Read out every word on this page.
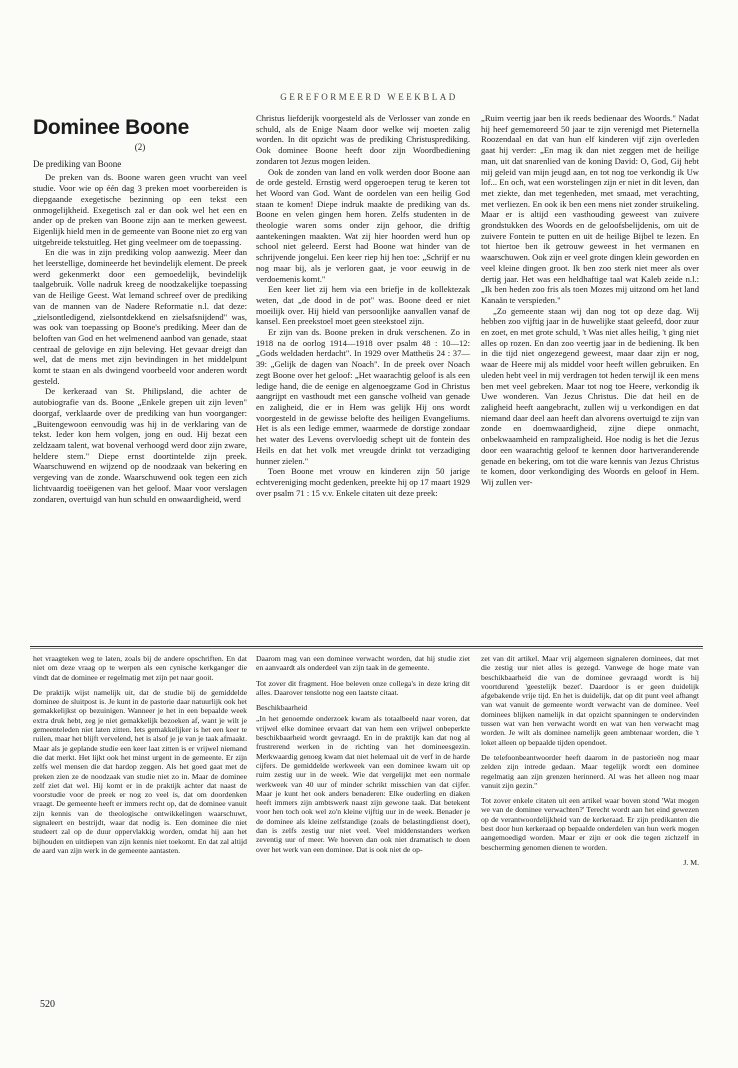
GEREFORMEERD WEEKBLAD
Dominee Boone
(2)
De prediking van Boone

De preken van ds. Boone waren geen vrucht van veel studie. Voor wie op één dag 3 preken moet voorbereiden is diepgaande exegetische bezinning op een tekst een onmogelijkheid. Exegetisch zal er dan ook wel het een en ander op de preken van Boone zijn aan te merken geweest. Eigenlijk hield men in de gemeente van Boone niet zo erg van uitgebreide tekstuitleg. Het ging veelmeer om de toepassing.

En die was in zijn prediking volop aanwezig. Meer dan het leerstellige, domineerde het bevindelijk element. De preek werd gekenmerkt door een gemoedelijk, bevindelijk taalgebruik. Volle nadruk kreeg de noodzakelijke toepassing van de Heilige Geest. Wat lemand schreef over de prediking van de mannen van de Nadere Reformatie n.l. dat deze: „zielsontledigend, zielsontdekkend en zielsafsnijdend" was, was ook van toepassing op Boone's prediking. Meer dan de beloften van God en het welmenend aanbod van genade, staat centraal de gelovige en zijn beleving. Het gevaar dreigt dan wel, dat de mens met zijn bevindingen in het middelpunt komt te staan en als dwingend voorbeeld voor anderen wordt gesteld.

De kerkeraad van St. Philipsland, die achter de autobiografie van ds. Boone „Enkele grepen uit zijn leven" doorgaf, verklaarde over de prediking van hun voorganger: „Buitengewoon eenvoudig was hij in de verklaring van de tekst. Ieder kon hem volgen, jong en oud. Hij bezat een zeldzaam talent, wat bovenal verhoogd werd door zijn zware, heldere stem." Diepe ernst doortintelde zijn preek. Waarschuwend en wijzend op de noodzaak van bekering en vergeving van de zonde. Waarschuwend ook tegen een zich lichtvaardig toeëigenen van het geloof. Maar voor verslagen zondaren, overtuigd van hun schuld en onwaardigheid, werd

Christus liefderijk voorgesteld als de Verlosser van zonde en schuld, als de Enige Naam door welke wij moeten zalig worden. In dit opzicht was de prediking Christusprediking. Ook dominee Boone heeft door zijn Woordbediening zondaren tot Jezus mogen leiden.

Ook de zonden van land en volk werden door Boone aan de orde gesteld. Ernstig werd opgeroepen terug te keren tot het Woord van God. Want de oordelen van een heilig God staan te komen! Diepe indruk maakte de prediking van ds. Boone en velen gingen hem horen. Zelfs studenten in de theologie waren soms onder zijn gehoor, die driftig aantekeningen maakten. Wat zij hier hoorden werd hun op school niet geleerd. Eerst had Boone wat hinder van de schrijvende jongelui. Een keer riep hij hen toe: „Schrijf er nu nog maar bij, als je verloren gaat, je voor eeuwig in de verdoemenis komt."

Een keer liet zij hem via een briefje in de kollektezak weten, dat „de dood in de pot" was. Boone deed er niet moeilijk over. Hij hield van persoonlijke aanvallen vanaf de kansel. Een preekstoel moet geen steekstoel zijn.

Er zijn van ds. Boone preken in druk verschenen. Zo in 1918 na de oorlog 1914—1918 over psalm 48 : 10—12: „Gods weldaden herdacht". In 1929 over Mattheüs 24 : 37—39: „Gelijk de dagen van Noach". In de preek over Noach zegt Boone over het geloof: „Het waarachtig geloof is als een ledige hand, die de eenige en algenoegzame God in Christus aangrijpt en vasthoudt met een gansche volheid van genade en zaligheid, die er in Hem was gelijk Hij ons wordt voorgesteld in de gewisse belofte des heiligen Evangeliums. Het is als een ledige emmer, waarmede de dorstige zondaar het water des Levens overvloedig schept uit de fontein des Heils en dat het volk met vreugde drinkt tot verzadiging hunner zielen."

Toen Boone met vrouw en kinderen zijn 50 jarige echtvereniging mocht gedenken, preekte hij op 17 maart 1929 over psalm 71 : 15 v.v. Enkele citaten uit deze preek:

„Ruim veertig jaar ben ik reeds bedienaar des Woords." Nadat hij heef gememoreerd 50 jaar te zijn verenigd met Pieternella Roozendaal en dat van hun elf kinderen vijf zijn overleden gaat hij verder: „En mag ik dan niet zeggen met de heilige man, uit dat snarenlied van de koning David: O, God, Gij hebt mij geleid van mijn jeugd aan, en tot nog toe verkondig ik Uw lof... En och, wat een worstelingen zijn er niet in dit leven, dan met ziekte, dan met tegenheden, met smaad, met verachting, met verliezen. En ook ik ben een mens niet zonder struikeling. Maar er is altijd een vasthouding geweest van zuivere grondstukken des Woords en de geloofsbelijdenis, om uit de zuivere Fontein te putten en uit de heilige Bijbel te lezen. En tot hiertoe ben ik getrouw geweest in het vermanen en waarschuwen. Ook zijn er veel grote dingen klein geworden en veel kleine dingen groot. Ik ben zoo sterk niet meer als over dertig jaar. Het was een heldhaftige taal wat Kaleb zeide n.l.: „Ik ben heden zoo fris als toen Mozes mij uitzond om het land Kanaän te verspieden."

„Zo gemeente staan wij dan nog tot op deze dag. Wij hebben zoo vijftig jaar in de huwelijke staat geleefd, door zuur en zoet, en met grote schuld, 't Was niet alles heilig, 't ging niet alles op rozen. En dan zoo veertig jaar in de bediening. Ik ben in die tijd niet ongezegend geweest, maar daar zijn er nog, waar de Heere mij als middel voor heeft willen gebruiken. En uleden hebt veel in mij verdragen tot heden terwijl ik een mens ben met veel gebreken. Maar tot nog toe Heere, verkondig ik Uwe wonderen. Van Jezus Christus. Die dat heil en de zaligheid heeft aangebracht, zullen wij u verkondigen en dat niemand daar deel aan heeft dan alvorens overtuigd te zijn van zonde en doemwaardigheid, zijne diepe onmacht, onbekwaamheid en rampzaligheid. Hoe nodig is het die Jezus door een waarachtig geloof te kennen door hartveranderende genade en bekering, om tot die ware kennis van Jezus Christus te komen, door verkondiging des Woords en geloof in Hem. Wij zullen ver-

het vraagteken weg te laten, zoals bij de andere opschriften. En dat niet om deze vraag op te werpen als een cynische kerkganger die vindt dat de dominee er regelmatig met zijn pet naar gooit.

De praktijk wijst namelijk uit, dat de studie bij de gemiddelde dominee de sluitpost is. Je kunt in de pastorie daar natuurlijk ook het gemakkelijkst op bezuinigen. Wanneer je het in een bepaalde week extra druk hebt, zeg je niet gemakkelijk bezoeken af, want je wilt je gemeenteleden niet laten zitten. Iets gemakkelijker is het een keer te ruilen, maar het blijft vervelend, het is alsof je je van je taak afmaakt. Maar als je geplande studie een keer laat zitten is er vrijwel niemand die dat merkt. Het lijkt ook het minst urgent in de gemeente. Er zijn zelfs wel mensen die dat hardop zeggen. Als het goed gaat met de preken zien ze de noodzaak van studie niet zo in. Maar de dominee zelf ziet dat wel. Hij komt er in de praktijk achter dat naast de voorstudie voor de preek er nog zo veel is, dat om doordenken vraagt. De gemeente heeft er immers recht op, dat de dominee vanuit zijn kennis van de theologische ontwikkelingen waarschuwt, signaleert en bestrijdt, waar dat nodig is. Een dominee die niet studeert zal op de duur oppervlakkig worden, omdat hij aan het bijhouden en uitdiepen van zijn kennis niet toekomt. En dat zal altijd de aard van zijn werk in de gemeente aantasten.

Daarom mag van een dominee verwacht worden, dat hij studie ziet en aanvaardt als onderdeel van zijn taak in de gemeente.

Tot zover dit fragment. Hoe beleven onze collega's in deze kring dit alles. Daarover tenslotte nog een laatste citaat.

Beschikbaarheid

„In het genoemde onderzoek kwam als totaalbeeld naar voren, dat vrijwel elke dominee ervaart dat van hem een vrijwel onbeperkte beschikbaarheid wordt gevraagd. En in de praktijk kan dat nog al frustrerend werken in de richting van het domineesgezin. Merkwaardig genoeg kwam dat niet helemaal uit de verf in de harde cijfers. De gemiddelde werkweek van een dominee kwam uit op ruim zestig uur in de week. Wie dat vergelijkt met een normale werkweek van 40 uur of minder schrikt misschien van dat cijfer. Maar je kunt het ook anders benaderen: Elke ouderling en diaken heeft immers zijn ambtswerk naast zijn gewone taak. Dat betekent voor hen toch ook wel zo'n kleine vijftig uur in de week. Benader je de dominee als kleine zelfstandige (zoals de belastingdienst doet), dan is zelfs zestig uur niet veel. Veel middenstanders werken zeventig uur of meer. We hoeven dan ook niet dramatisch te doen over het werk van een dominee. Dat is ook niet de op-

zet van dit artikel. Maar vrij algemeen signaleren dominees, dat met die zestig uur niet alles is gezegd. Vanwege de hoge mate van beschikbaarheid die van de dominee gevraagd wordt is hij voortdurend 'geestelijk bezet'. Daardoor is er geen duidelijk afgebakende vrije tijd. En het is duidelijk, dat op dit punt veel afhangt van wat vanuit de gemeente wordt verwacht van de dominee. Veel dominees blijken namelijk in dat opzicht spanningen te ondervinden tussen wat van hen verwacht wordt en wat van hen verwacht mag worden. Je wilt als dominee namelijk geen ambtenaar worden, die 't loket alleen op bepaalde tijden opendoet.

De telefoonbeantwoorder heeft daarom in de pastorieën nog maar zelden zijn intrede gedaan. Maar tegelijk wordt een dominee regelmatig aan zijn grenzen herinnerd. Al was het alleen nog maar vanuit zijn gezin."

Tot zover enkele citaten uit een artikel waar boven stond 'Wat mogen we van de dominee verwachten?' Terecht wordt aan het eind gewezen op de verantwoordelijkheid van de kerkeraad. Er zijn predikanten die best door hun kerkeraad op bepaalde onderdelen van hun werk mogen aangemoedigd worden. Maar er zijn er ook die tegen zichzelf in bescherming genomen dienen te worden.

J. M.

520
